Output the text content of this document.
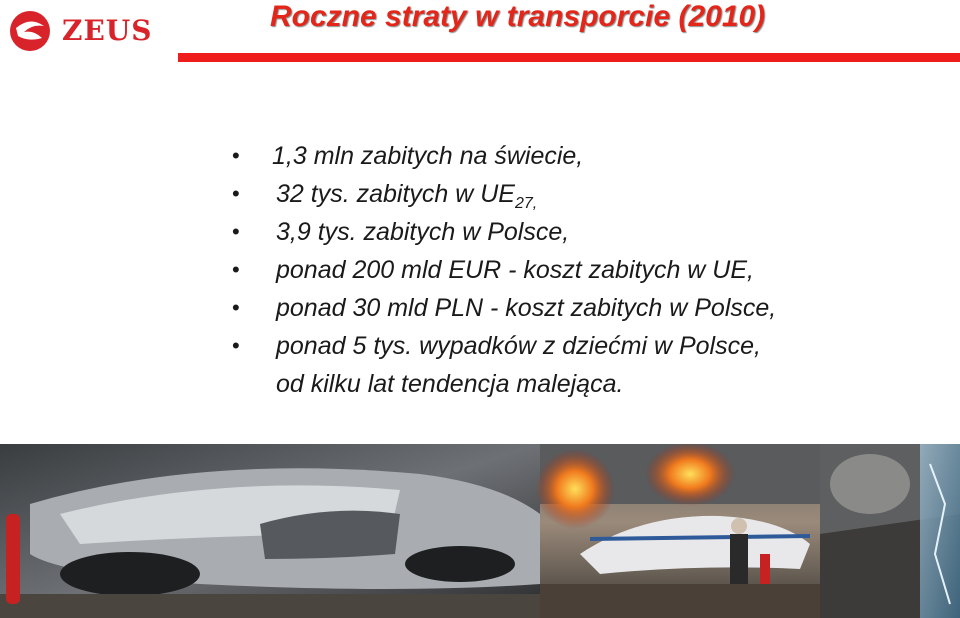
ZEUS	Roczne straty w transporcie (2010)
• 1,3 mln zabitych na świecie,
• 32 tys. zabitych w $UE_{27,}$
• 3,9 tys. zabitych w Polsce,
• ponad 200 mld EUR - koszt zabitych w UE,
• ponad 30 mld PLN - koszt zabitych w Polsce,
• ponad 5 tys. wypadków z dziećmi w Polsce,
od kilku lat tendencja malejąca.
